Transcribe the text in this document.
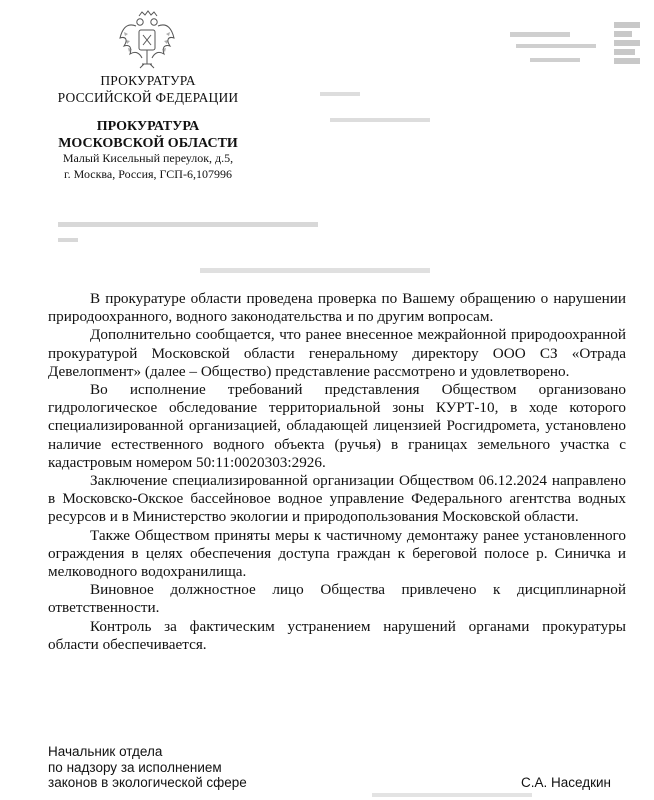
ПРОКУРАТУРА
РОССИЙСКОЙ ФЕДЕРАЦИИ
ПРОКУРАТУРА
МОСКОВСКОЙ ОБЛАСТИ
Малый Кисельный переулок, д.5,
г. Москва, Россия, ГСП-6,107996

В прокуратуре области проведена проверка по Вашему обращению о нарушении природоохранного, водного законодательства и по другим вопросам.

Дополнительно сообщается, что ранее внесенное межрайонной природоохранной прокуратурой Московской области генеральному директору ООО СЗ «Отрада Девелопмент» (далее – Общество) представление рассмотрено и удовлетворено.

Во исполнение требований представления Обществом организовано гидрологическое обследование территориальной зоны КУРТ-10, в ходе которого специализированной организацией, обладающей лицензией Росгидромета, установлено наличие естественного водного объекта (ручья) в границах земельного участка с кадастровым номером 50:11:0020303:2926.

Заключение специализированной организации Обществом 06.12.2024 направлено в Московско-Окское бассейновое водное управление Федерального агентства водных ресурсов и в Министерство экологии и природопользования Московской области.

Также Обществом приняты меры к частичному демонтажу ранее установленного ограждения в целях обеспечения доступа граждан к береговой полосе р. Синичка и мелководного водохранилища.

Виновное должностное лицо Общества привлечено к дисциплинарной ответственности.

Контроль за фактическим устранением нарушений органами прокуратуры области обеспечивается.

Начальник отдела
по надзору за исполнением
законов в экологической сфере	С.А. Наседкин
